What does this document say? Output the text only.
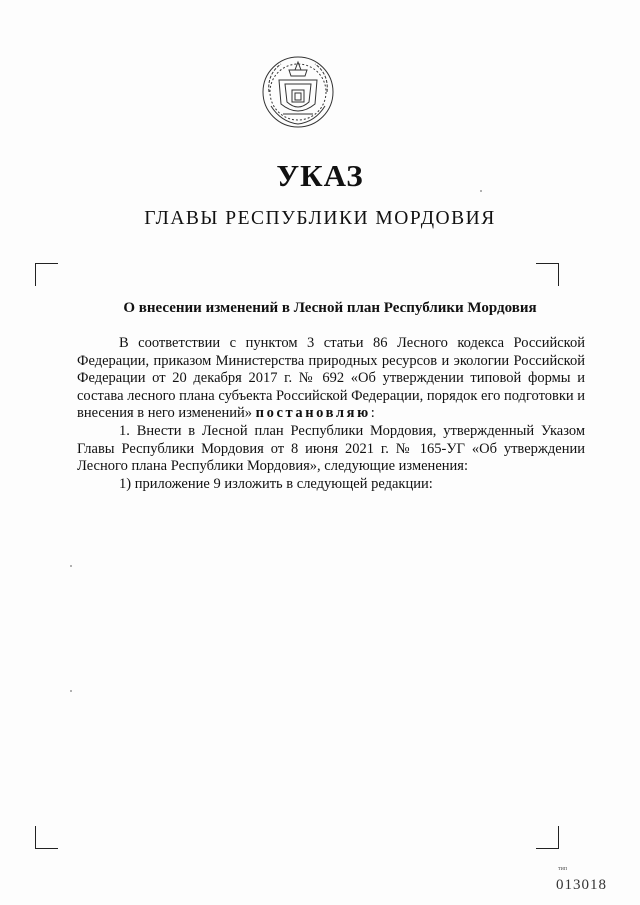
УКАЗ
ГЛАВЫ РЕСПУБЛИКИ МОРДОВИЯ
О внесении изменений в Лесной план Республики Мордовия

В соответствии с пунктом 3 статьи 86 Лесного кодекса Российской Федерации, приказом Министерства природных ресурсов и экологии Российской Федерации от 20 декабря 2017 г. № 692 «Об утверждении типовой формы и состава лесного плана субъекта Российской Федерации, порядок его подготовки и внесения в него изменений» постановляю:

1. Внести в Лесной план Республики Мордовия, утвержденный Указом Главы Республики Мордовия от 8 июня 2021 г. № 165-УГ «Об утверждении Лесного плана Республики Мордовия», следующие изменения:

1) приложение 9 изложить в следующей редакции:

тип
013018
